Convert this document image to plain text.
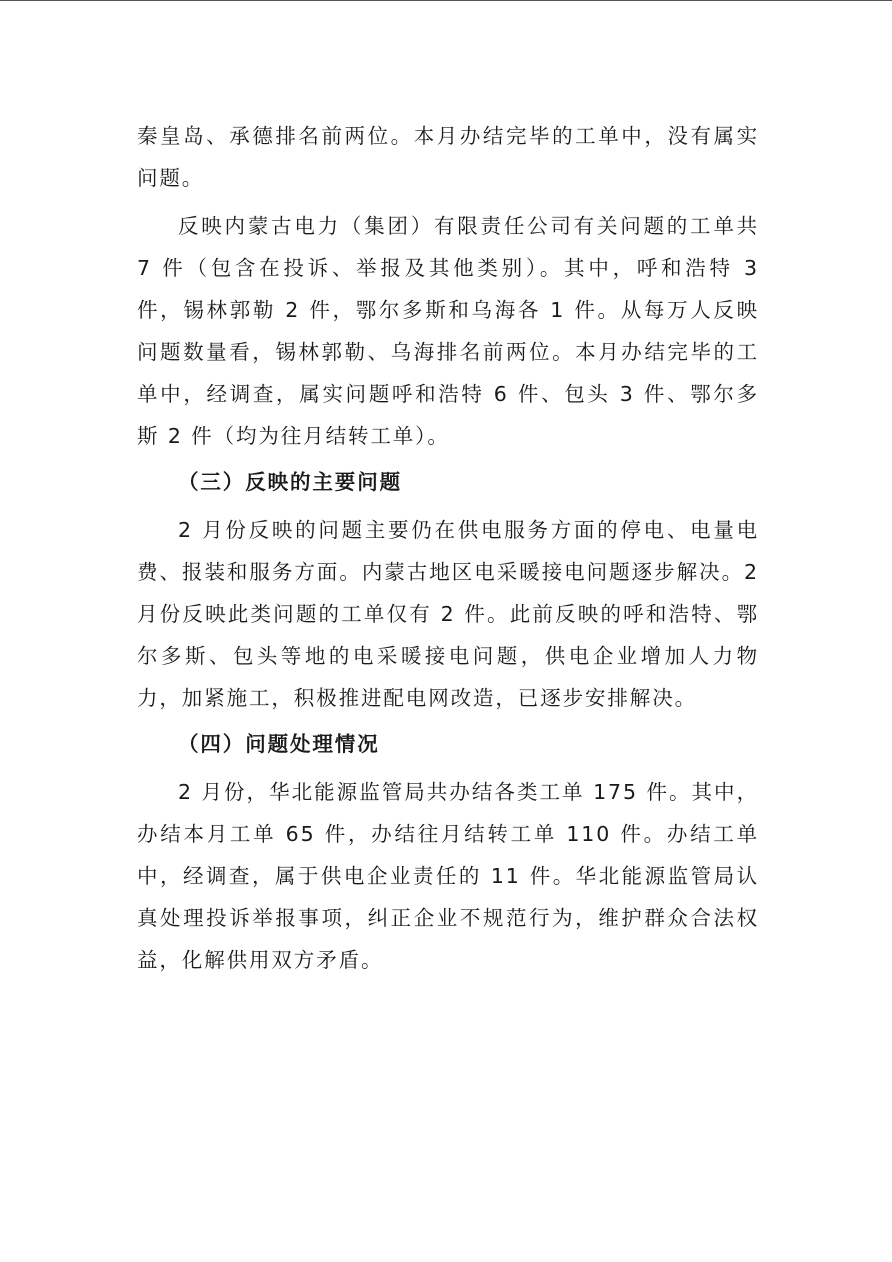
秦皇岛、承德排名前两位。本月办结完毕的工单中，没有属实问题。

反映内蒙古电力（集团）有限责任公司有关问题的工单共 7 件（包含在投诉、举报及其他类别）。其中，呼和浩特 3 件，锡林郭勒 2 件，鄂尔多斯和乌海各 1 件。从每万人反映问题数量看，锡林郭勒、乌海排名前两位。本月办结完毕的工单中，经调查，属实问题呼和浩特 6 件、包头 3 件、鄂尔多斯 2 件（均为往月结转工单）。

（三）反映的主要问题

2 月份反映的问题主要仍在供电服务方面的停电、电量电费、报装和服务方面。内蒙古地区电采暖接电问题逐步解决。2 月份反映此类问题的工单仅有 2 件。此前反映的呼和浩特、鄂尔多斯、包头等地的电采暖接电问题，供电企业增加人力物力，加紧施工，积极推进配电网改造，已逐步安排解决。

（四）问题处理情况

2 月份，华北能源监管局共办结各类工单 175 件。其中，办结本月工单 65 件，办结往月结转工单 110 件。办结工单中，经调查，属于供电企业责任的 11 件。华北能源监管局认真处理投诉举报事项，纠正企业不规范行为，维护群众合法权益，化解供用双方矛盾。
